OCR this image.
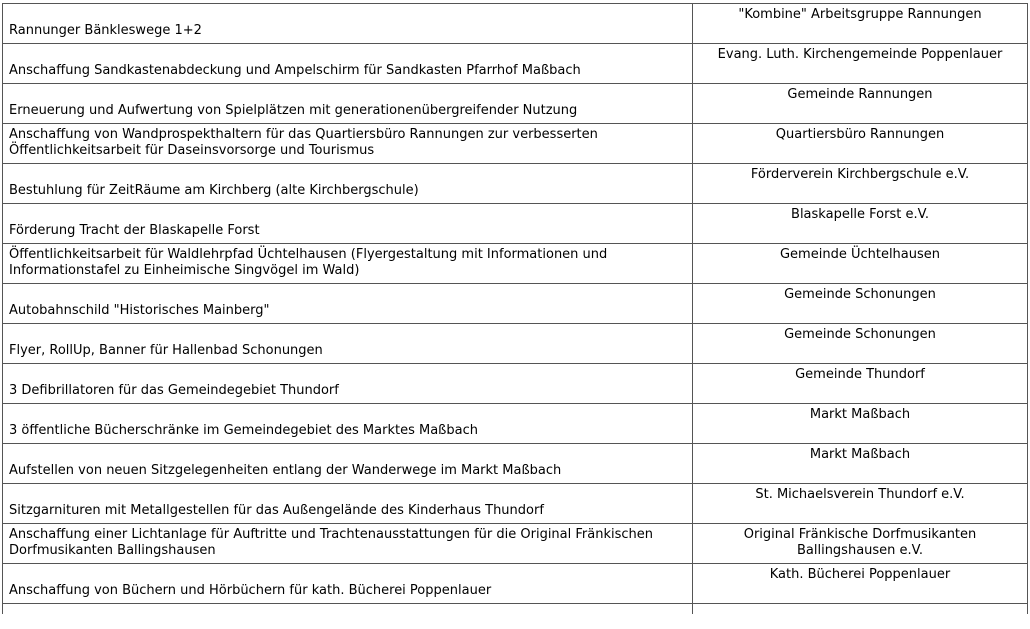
Rannunger Bänkleswege 1+2	"Kombine" Arbeitsgruppe Rannungen
Anschaffung Sandkastenabdeckung und Ampelschirm für Sandkasten Pfarrhof Maßbach	Evang. Luth. Kirchengemeinde Poppenlauer
Erneuerung und Aufwertung von Spielplätzen mit generationenübergreifender Nutzung	Gemeinde Rannungen
Anschaffung von Wandprospekthaltern für das Quartiersbüro Rannungen zur verbesserten Öffentlichkeitsarbeit für Daseinsvorsorge und Tourismus	Quartiersbüro Rannungen
Bestuhlung für ZeitRäume am Kirchberg (alte Kirchbergschule)	Förderverein Kirchbergschule e.V.
Förderung Tracht der Blaskapelle Forst	Blaskapelle Forst e.V.
Öffentlichkeitsarbeit für Waldlehrpfad Üchtelhausen (Flyergestaltung mit Informationen und Informationstafel zu Einheimische Singvögel im Wald)	Gemeinde Üchtelhausen
Autobahnschild "Historisches Mainberg"	Gemeinde Schonungen
Flyer, RollUp, Banner für Hallenbad Schonungen	Gemeinde Schonungen
3 Defibrillatoren für das Gemeindegebiet Thundorf	Gemeinde Thundorf
3 öffentliche Bücherschränke im Gemeindegebiet des Marktes Maßbach	Markt Maßbach
Aufstellen von neuen Sitzgelegenheiten entlang der Wanderwege im Markt Maßbach	Markt Maßbach
Sitzgarnituren mit Metallgestellen für das Außengelände des Kinderhaus Thundorf	St. Michaelsverein Thundorf e.V.
Anschaffung einer Lichtanlage für Auftritte und Trachtenausstattungen für die Original Fränkischen Dorfmusikanten Ballingshausen	Original Fränkische Dorfmusikanten Ballingshausen e.V.
Anschaffung von Büchern und Hörbüchern für kath. Bücherei Poppenlauer	Kath. Bücherei Poppenlauer
